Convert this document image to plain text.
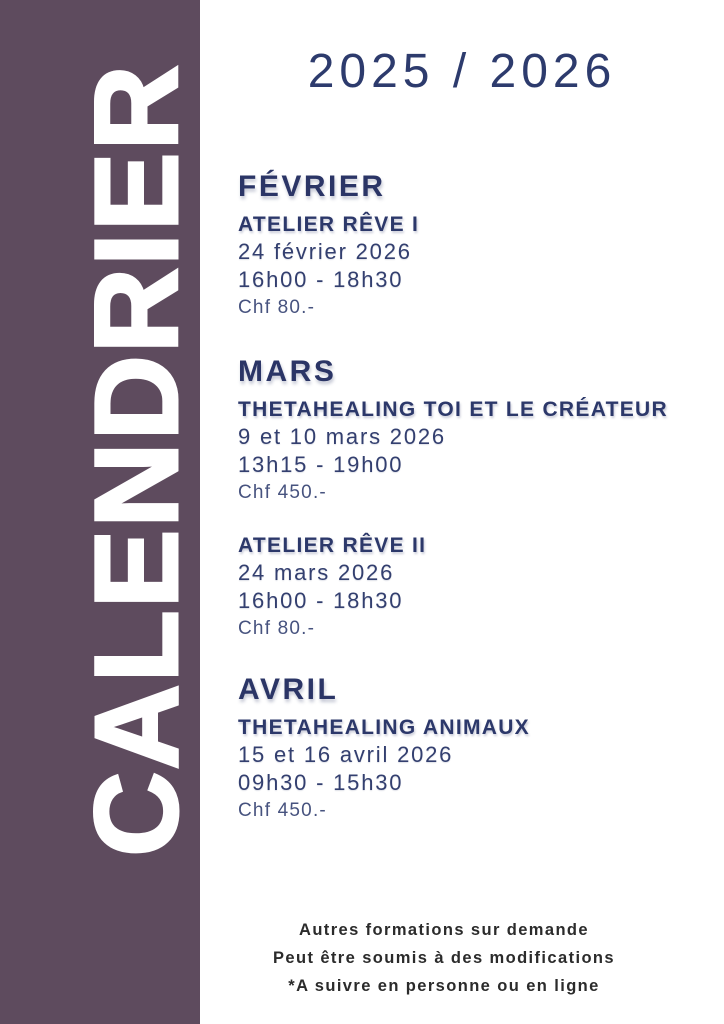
CALENDRIER	2025 / 2026
FÉVRIER
ATELIER RÊVE I
24 février 2026
16h00 - 18h30
Chf 80.-
MARS
THETAHEALING TOI ET LE CRÉATEUR
9 et 10 mars 2026
13h15 - 19h00
Chf 450.-
ATELIER RÊVE II
24 mars 2026
16h00 - 18h30
Chf 80.-
AVRIL
THETAHEALING ANIMAUX
15 et 16 avril 2026
09h30 - 15h30
Chf 450.-
Autres formations sur demande
Peut être soumis à des modifications
*A suivre en personne ou en ligne
